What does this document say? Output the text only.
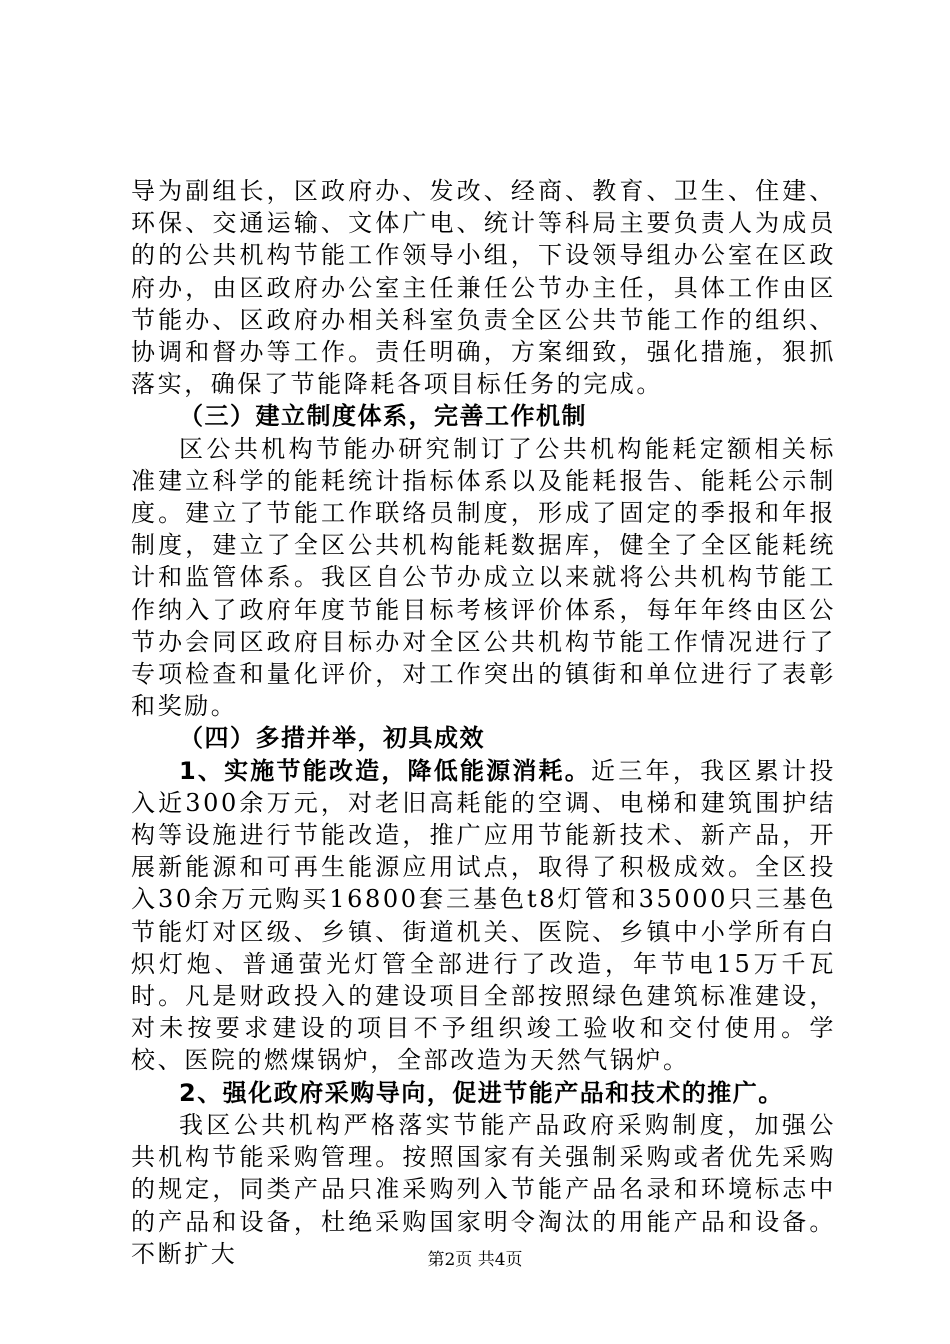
导为副组长，区政府办、发改、经商、教育、卫生、住建、环保、交通运输、文体广电、统计等科局主要负责人为成员的的公共机构节能工作领导小组，下设领导组办公室在区政府办，由区政府办公室主任兼任公节办主任，具体工作由区节能办、区政府办相关科室负责全区公共节能工作的组织、协调和督办等工作。责任明确，方案细致，强化措施，狠抓落实，确保了节能降耗各项目标任务的完成。

（三）建立制度体系，完善工作机制

区公共机构节能办研究制订了公共机构能耗定额相关标准建立科学的能耗统计指标体系以及能耗报告、能耗公示制度。建立了节能工作联络员制度，形成了固定的季报和年报制度，建立了全区公共机构能耗数据库，健全了全区能耗统计和监管体系。我区自公节办成立以来就将公共机构节能工作纳入了政府年度节能目标考核评价体系，每年年终由区公节办会同区政府目标办对全区公共机构节能工作情况进行了专项检查和量化评价，对工作突出的镇街和单位进行了表彰和奖励。

（四）多措并举，初具成效

1、实施节能改造，降低能源消耗。近三年，我区累计投入近300余万元，对老旧高耗能的空调、电梯和建筑围护结构等设施进行节能改造，推广应用节能新技术、新产品，开展新能源和可再生能源应用试点，取得了积极成效。全区投入30余万元购买16800套三基色t8灯管和35000只三基色节能灯对区级、乡镇、街道机关、医院、乡镇中小学所有白炽灯炮、普通萤光灯管全部进行了改造，年节电15万千瓦时。凡是财政投入的建设项目全部按照绿色建筑标准建设，对未按要求建设的项目不予组织竣工验收和交付使用。学校、医院的燃煤锅炉，全部改造为天然气锅炉。

2、强化政府采购导向，促进节能产品和技术的推广。

我区公共机构严格落实节能产品政府采购制度，加强公共机构节能采购管理。按照国家有关强制采购或者优先采购的规定，同类产品只准采购列入节能产品名录和环境标志中的产品和设备，杜绝采购国家明令淘汰的用能产品和设备。不断扩大	第2页 共4页
